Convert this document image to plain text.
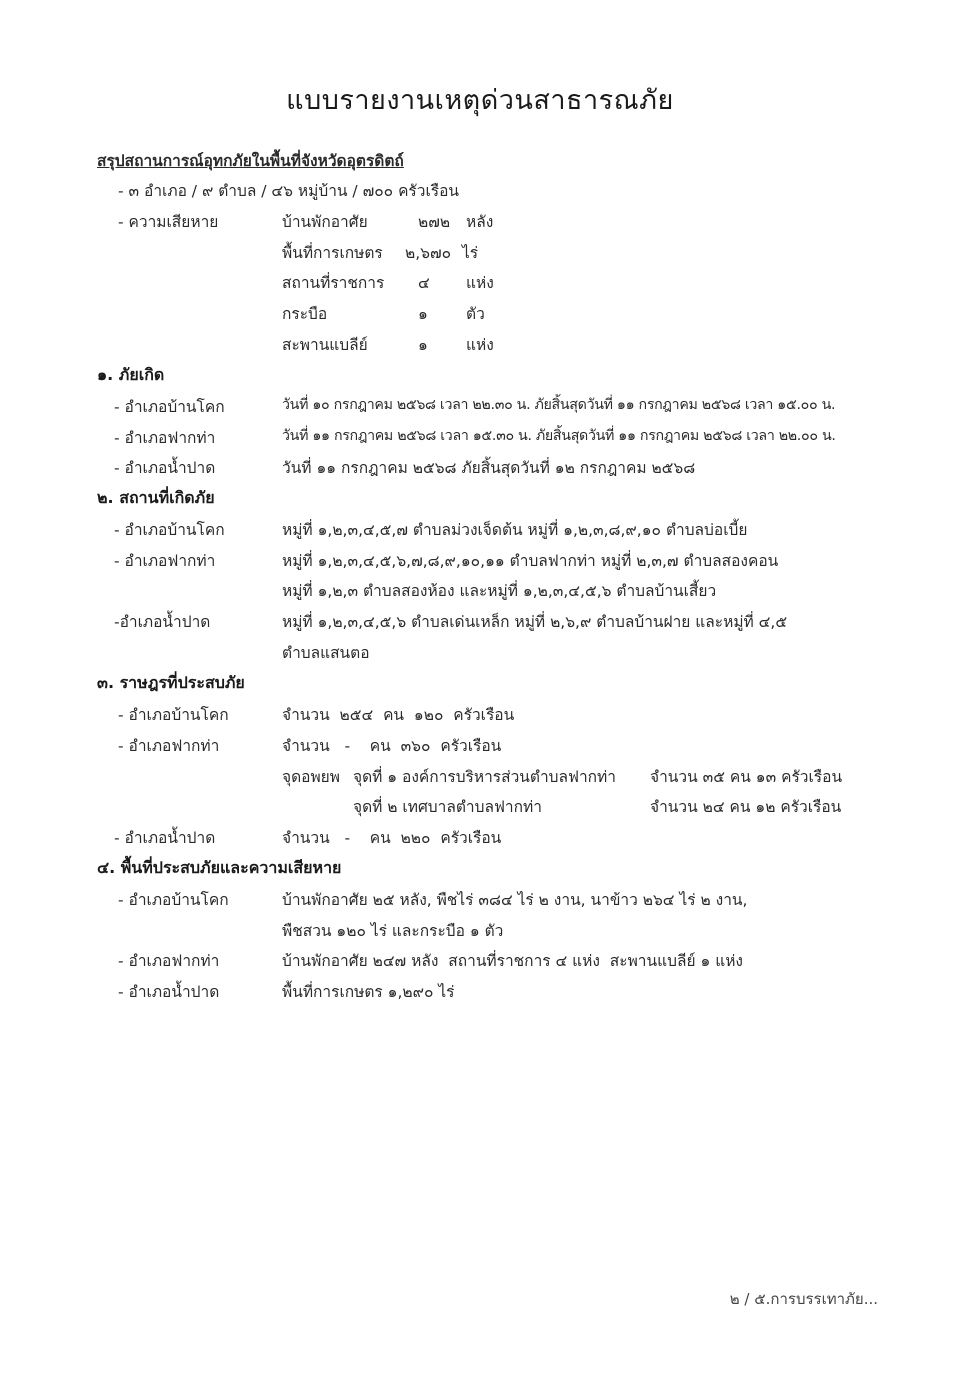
แบบรายงานเหตุด่วนสาธารณภัย
สรุปสถานการณ์อุทกภัยในพื้นที่จังหวัดอุตรดิตถ์
- ๓ อำเภอ / ๙ ตำบล / ๔๖ หมู่บ้าน / ๗๐๐ ครัวเรือน
- ความเสียหาย	บ้านพักอาศัย	๒๗๒ หลัง
พื้นที่การเกษตร ๒,๖๗๐ ไร่
สถานที่ราชการ ๔ แห่ง
กระบือ	๑ ตัว
สะพานแบลีย์	๑ แห่ง
๑. ภัยเกิด
- อำเภอบ้านโคก	วันที่ ๑๐ กรกฎาคม ๒๕๖๘ เวลา ๒๒.๓๐ น. ภัยสิ้นสุดวันที่ ๑๑ กรกฎาคม ๒๕๖๘ เวลา ๑๕.๐๐ น.
- อำเภอฟากท่า	วันที่ ๑๑ กรกฎาคม ๒๕๖๘ เวลา ๑๕.๓๐ น. ภัยสิ้นสุดวันที่ ๑๑ กรกฎาคม ๒๕๖๘ เวลา ๒๒.๐๐ น.
- อำเภอน้ำปาด	วันที่ ๑๑ กรกฎาคม ๒๕๖๘ ภัยสิ้นสุดวันที่ ๑๒ กรกฎาคม ๒๕๖๘
๒. สถานที่เกิดภัย
- อำเภอบ้านโคก	หมู่ที่ ๑,๒,๓,๔,๕,๗ ตำบลม่วงเจ็ดต้น หมู่ที่ ๑,๒,๓,๘,๙,๑๐ ตำบลบ่อเบี้ย
- อำเภอฟากท่า	หมู่ที่ ๑,๒,๓,๔,๕,๖,๗,๘,๙,๑๐,๑๑ ตำบลฟากท่า หมู่ที่ ๒,๓,๗ ตำบลสองคอน
หมู่ที่ ๑,๒,๓ ตำบลสองห้อง และหมู่ที่ ๑,๒,๓,๔,๕,๖ ตำบลบ้านเสี้ยว
-อำเภอน้ำปาด	หมู่ที่ ๑,๒,๓,๔,๕,๖ ตำบลเด่นเหล็ก หมู่ที่ ๒,๖,๙ ตำบลบ้านฝาย และหมู่ที่ ๔,๕
ตำบลแสนตอ
๓. ราษฎรที่ประสบภัย
- อำเภอบ้านโคก	จำนวน  ๒๕๔  คน  ๑๒๐  ครัวเรือน
- อำเภอฟากท่า	จำนวน   -    คน  ๓๖๐  ครัวเรือน
จุดอพยพ จุดที่ ๑ องค์การบริหารส่วนตำบลฟากท่า จำนวน ๓๕ คน ๑๓ ครัวเรือน
จุดที่ ๒ เทศบาลตำบลฟากท่า	จำนวน ๒๔ คน ๑๒ ครัวเรือน
- อำเภอน้ำปาด	จำนวน   -    คน  ๒๒๐  ครัวเรือน
๔. พื้นที่ประสบภัยและความเสียหาย
- อำเภอบ้านโคก	บ้านพักอาศัย ๒๕ หลัง, พืชไร่ ๓๘๔ ไร่ ๒ งาน, นาข้าว ๒๖๔ ไร่ ๒ งาน,
พืชสวน ๑๒๐ ไร่ และกระบือ ๑ ตัว
- อำเภอฟากท่า	บ้านพักอาศัย ๒๔๗ หลัง  สถานที่ราชการ ๔ แห่ง  สะพานแบลีย์ ๑ แห่ง
- อำเภอน้ำปาด	พื้นที่การเกษตร ๑,๒๙๐ ไร่
๒ / ๕.การบรรเทาภัย...
